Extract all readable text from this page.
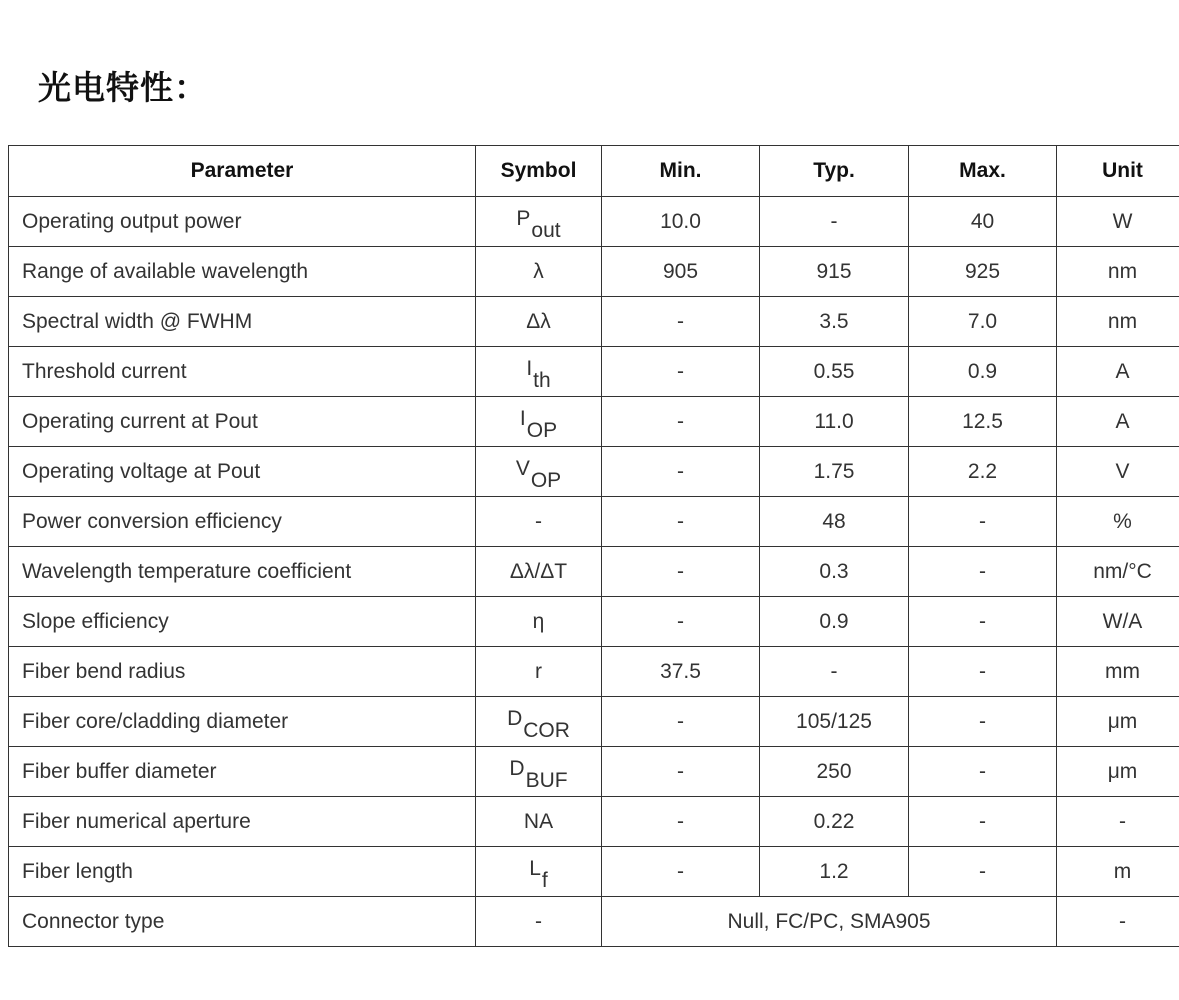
光电特性：
Parameter	Symbol	Min.	Typ.	Max.	Unit
Operating output power	Pout	10.0	-	40	W
Range of available wavelength	λ	905	915	925	nm
Spectral width @ FWHM	Δλ	-	3.5	7.0	nm
Threshold current	Ith	-	0.55	0.9	A
Operating current at Pout	IOP	-	11.0	12.5	A
Operating voltage at Pout	VOP	-	1.75	2.2	V
Power conversion efficiency	-	-	48	-	%
Wavelength temperature coefficient	Δλ/ΔT	-	0.3	-	nm/°C
Slope efficiency	η	-	0.9	-	W/A
Fiber bend radius	r	37.5	-	-	mm
Fiber core/cladding diameter	DCOR	-	105/125	-	μm
Fiber buffer diameter	DBUF	-	250	-	μm
Fiber numerical aperture	NA	-	0.22	-	-
Fiber length	Lf	-	1.2	-	m
Connector type	-	Null, FC/PC, SMA905			-
